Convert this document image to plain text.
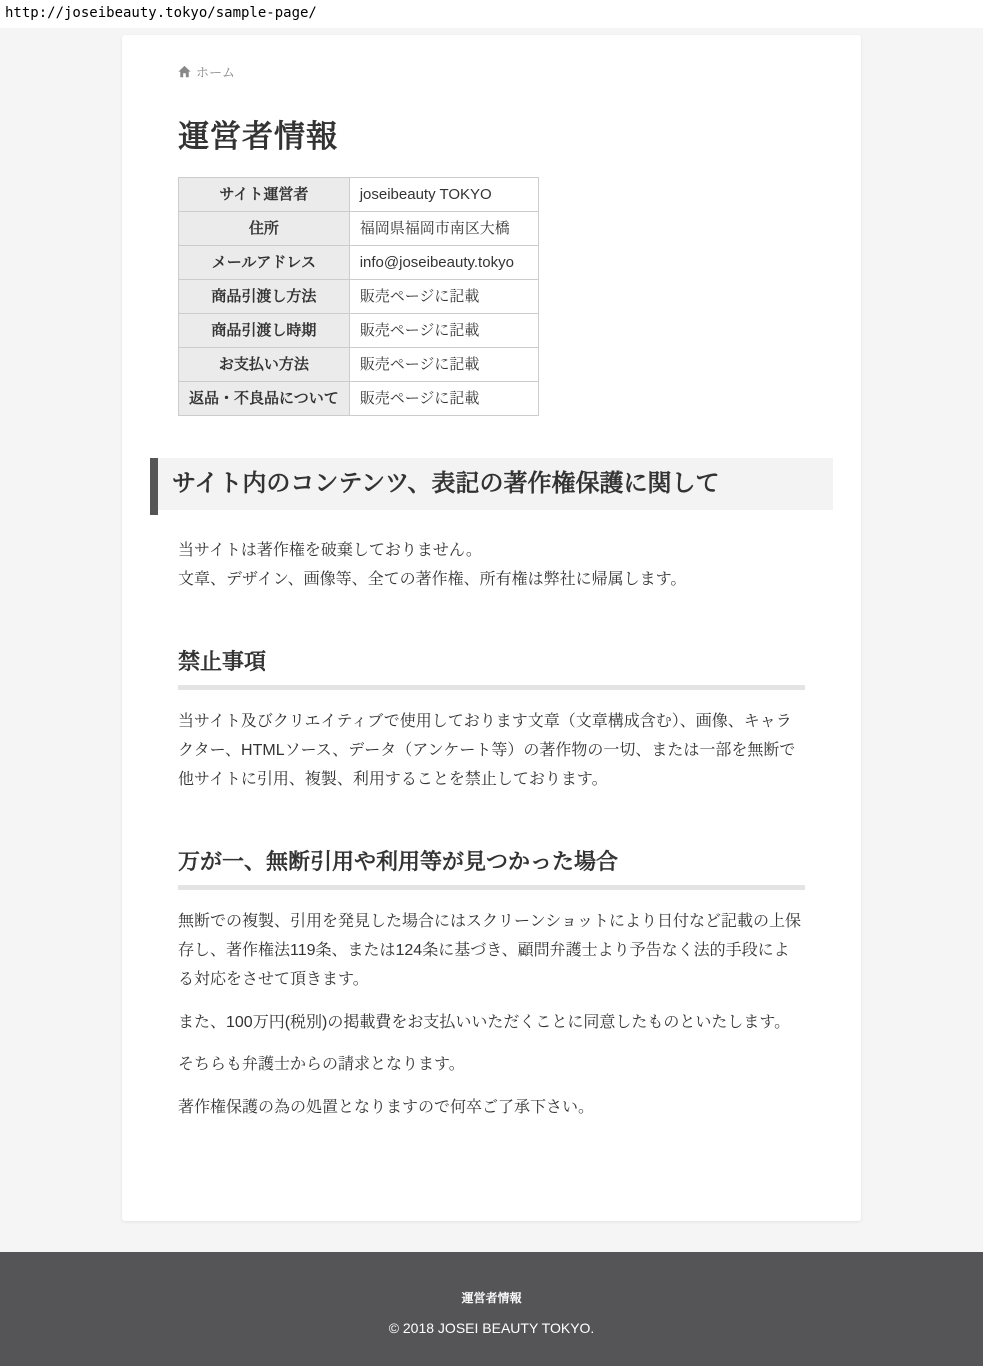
http://joseibeauty.tokyo/sample-page/
ホーム
運営者情報
サイト運営者	joseibeauty TOKYO
住所	福岡県福岡市南区大橋
メールアドレス	info@joseibeauty.tokyo
商品引渡し方法	販売ページに記載
商品引渡し時期	販売ページに記載
お支払い方法	販売ページに記載
返品・不良品について	販売ページに記載
サイト内のコンテンツ、表記の著作権保護に関して

当サイトは著作権を破棄しておりません。
文章、デザイン、画像等、全ての著作権、所有権は弊社に帰属します。

禁止事項

当サイト及びクリエイティブで使用しております文章（文章構成含む）、画像、キャラクター、HTMLソース、データ（アンケート等）の著作物の一切、または一部を無断で他サイトに引用、複製、利用することを禁止しております。

万が一、無断引用や利用等が見つかった場合

無断での複製、引用を発見した場合にはスクリーンショットにより日付など記載の上保存し、著作権法119条、または124条に基づき、顧問弁護士より予告なく法的手段による対応をさせて頂きます。

また、100万円(税別)の掲載費をお支払いいただくことに同意したものといたします。

そちらも弁護士からの請求となります。

著作権保護の為の処置となりますので何卒ご了承下さい。

運営者情報
© 2018 JOSEI BEAUTY TOKYO.
